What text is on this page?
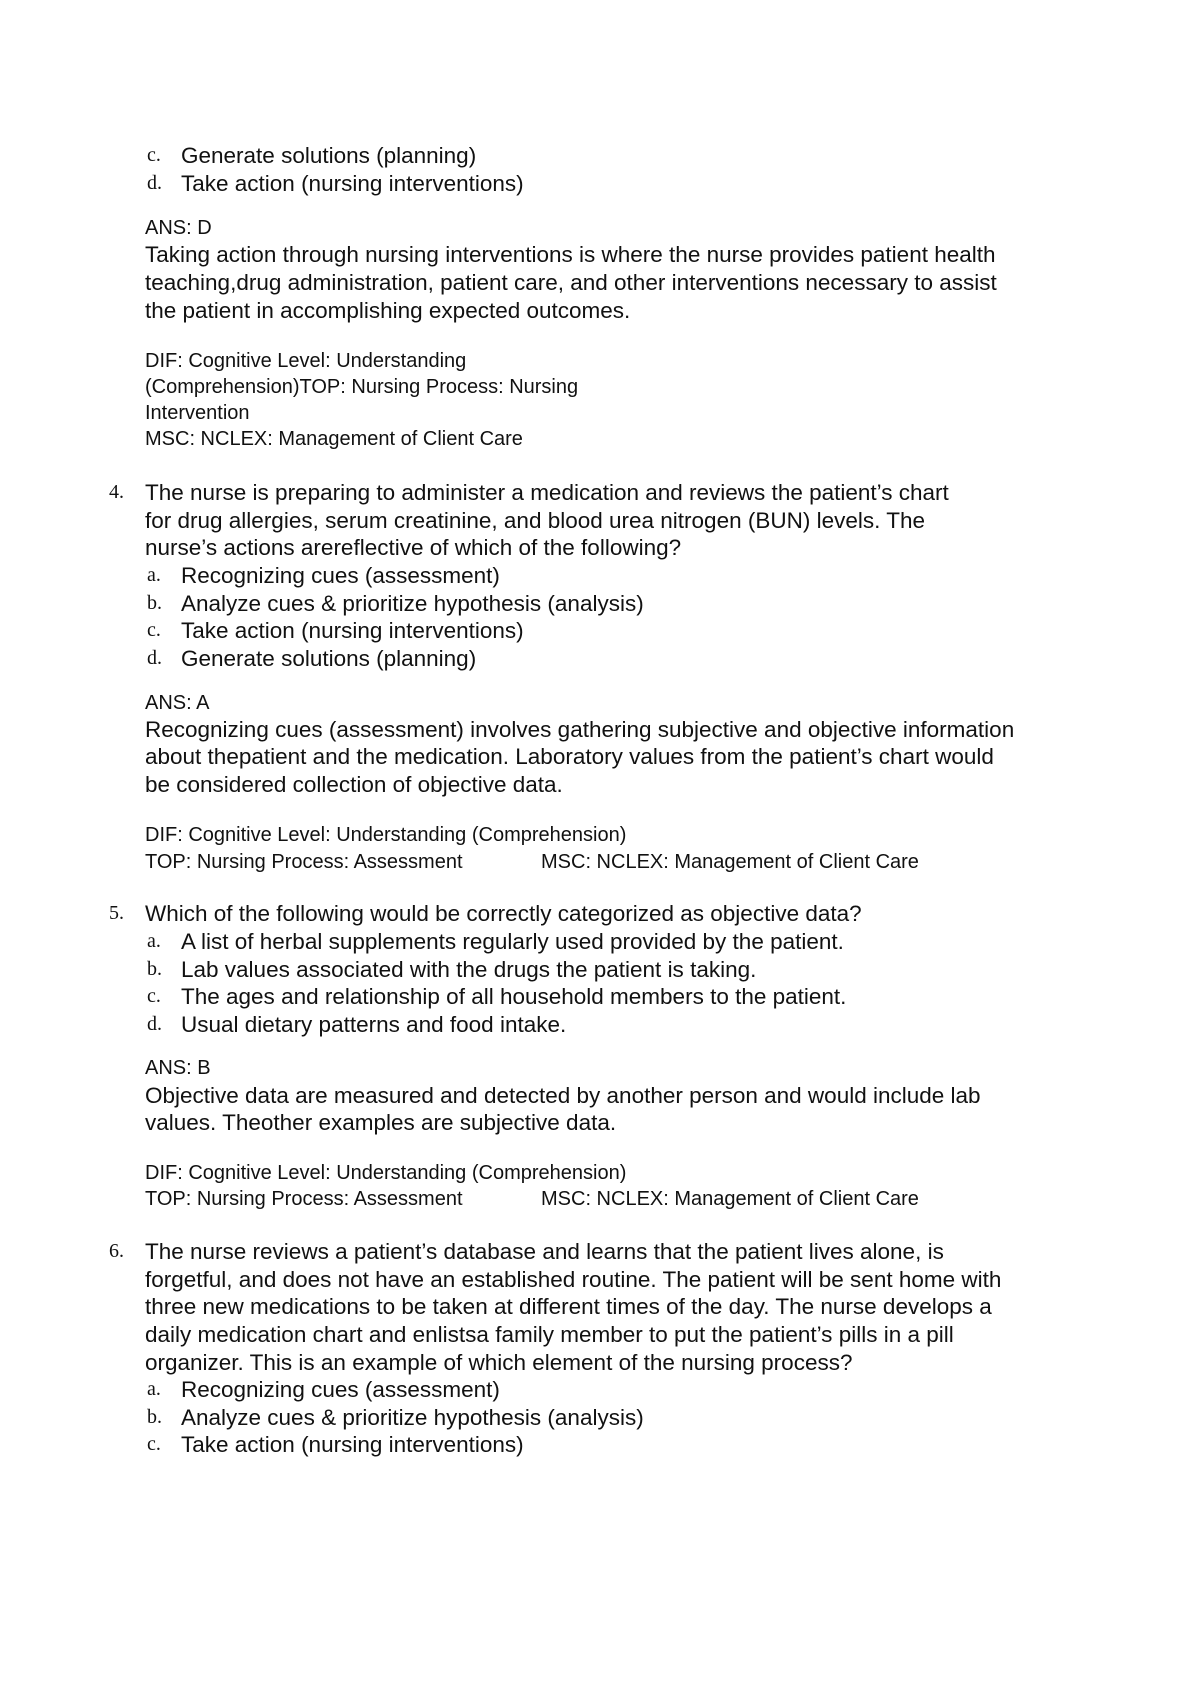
c. Generate solutions (planning)
d. Take action (nursing interventions)
ANS: D
Taking action through nursing interventions is where the nurse provides patient health
teaching,drug administration, patient care, and other interventions necessary to assist
the patient in accomplishing expected outcomes.
DIF: Cognitive Level: Understanding
(Comprehension)TOP: Nursing Process: Nursing
Intervention
MSC: NCLEX: Management of Client Care
4. The nurse is preparing to administer a medication and reviews the patient’s chart
for drug allergies, serum creatinine, and blood urea nitrogen (BUN) levels. The
nurse’s actions arereflective of which of the following?
a. Recognizing cues (assessment)
b. Analyze cues & prioritize hypothesis (analysis)
c. Take action (nursing interventions)
d. Generate solutions (planning)
ANS: A
Recognizing cues (assessment) involves gathering subjective and objective information
about thepatient and the medication. Laboratory values from the patient’s chart would
be considered collection of objective data.
DIF: Cognitive Level: Understanding (Comprehension)
TOP: Nursing Process: Assessment	MSC: NCLEX: Management of Client Care
5. Which of the following would be correctly categorized as objective data?
a. A list of herbal supplements regularly used provided by the patient.
b. Lab values associated with the drugs the patient is taking.
c. The ages and relationship of all household members to the patient.
d. Usual dietary patterns and food intake.
ANS: B
Objective data are measured and detected by another person and would include lab
values. Theother examples are subjective data.
DIF: Cognitive Level: Understanding (Comprehension)
TOP: Nursing Process: Assessment	MSC: NCLEX: Management of Client Care
6. The nurse reviews a patient’s database and learns that the patient lives alone, is
forgetful, and does not have an established routine. The patient will be sent home with
three new medications to be taken at different times of the day. The nurse develops a
daily medication chart and enlistsa family member to put the patient’s pills in a pill
organizer. This is an example of which element of the nursing process?
a. Recognizing cues (assessment)
b. Analyze cues & prioritize hypothesis (analysis)
c. Take action (nursing interventions)
